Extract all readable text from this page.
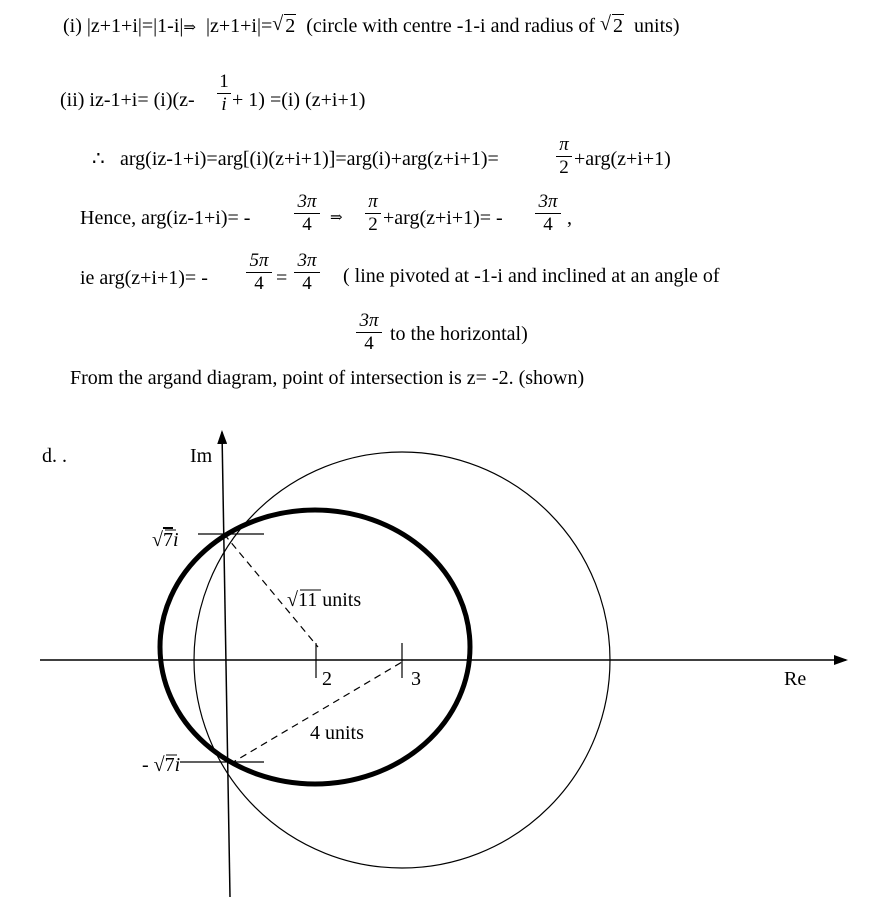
(i) |z+1+i|=|1-i|⇒ |z+1+i|= √ 2 (circle with centre -1-i and radius of √ 2 units)
(ii) iz-1+i= (i)(z-
1
i + 1) =(i) (z+i+1)
∴ arg(iz-1+i)=arg[(i)(z+i+1)]=arg(i)+arg(z+i+1)=
π
2 +arg(z+i+1)
Hence, arg(iz-1+i)= -
3π
4	⇒
π
2 +arg(z+i+1)= -
3π
4 ,
ie arg(z+i+1)= -
5π
4 =
3π
4	( line pivoted at -1-i and inclined at an angle of
3π
4 to the horizontal)
From the argand diagram, point of intersection is z= -2. (shown)
d. .	Im
Re
√7i
- √7i
√11 units
2	3
4 units
